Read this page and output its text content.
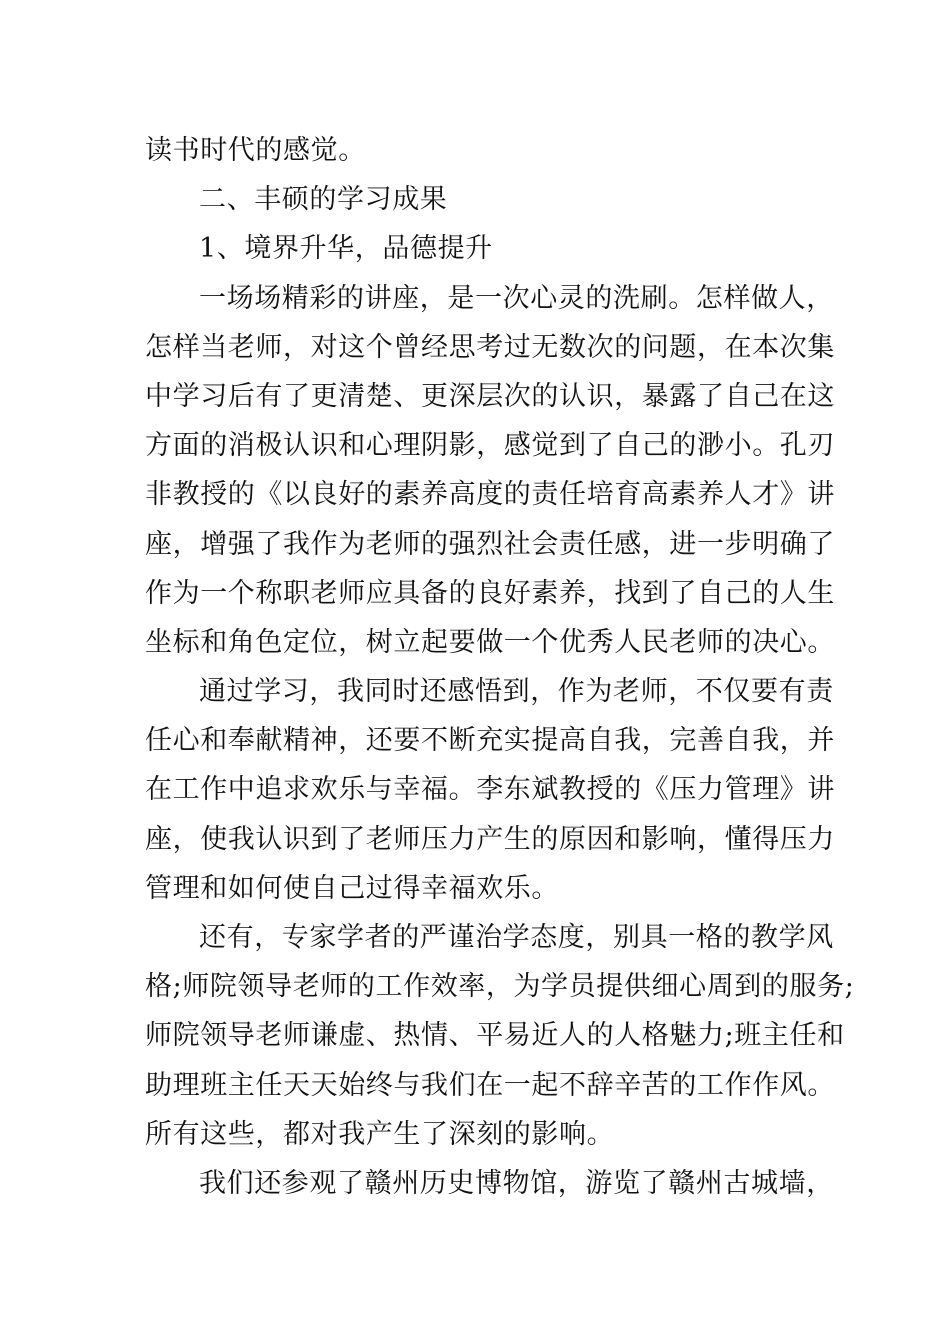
读书时代的感觉。
二、丰硕的学习成果
1、境界升华，品德提升
一场场精彩的讲座，是一次心灵的洗刷。怎样做人，
怎样当老师，对这个曾经思考过无数次的问题，在本次集
中学习后有了更清楚、更深层次的认识，暴露了自己在这
方面的消极认识和心理阴影，感觉到了自己的渺小。孔刃
非教授的《以良好的素养高度的责任培育高素养人才》讲
座，增强了我作为老师的强烈社会责任感，进一步明确了
作为一个称职老师应具备的良好素养，找到了自己的人生
坐标和角色定位，树立起要做一个优秀人民老师的决心。
通过学习，我同时还感悟到，作为老师，不仅要有责
任心和奉献精神，还要不断充实提高自我，完善自我，并
在工作中追求欢乐与幸福。李东斌教授的《压力管理》讲
座，使我认识到了老师压力产生的原因和影响，懂得压力
管理和如何使自己过得幸福欢乐。
还有，专家学者的严谨治学态度，别具一格的教学风
格;师院领导老师的工作效率，为学员提供细心周到的服务;
师院领导老师谦虚、热情、平易近人的人格魅力;班主任和
助理班主任天天始终与我们在一起不辞辛苦的工作作风。
所有这些，都对我产生了深刻的影响。
我们还参观了赣州历史博物馆，游览了赣州古城墙，
